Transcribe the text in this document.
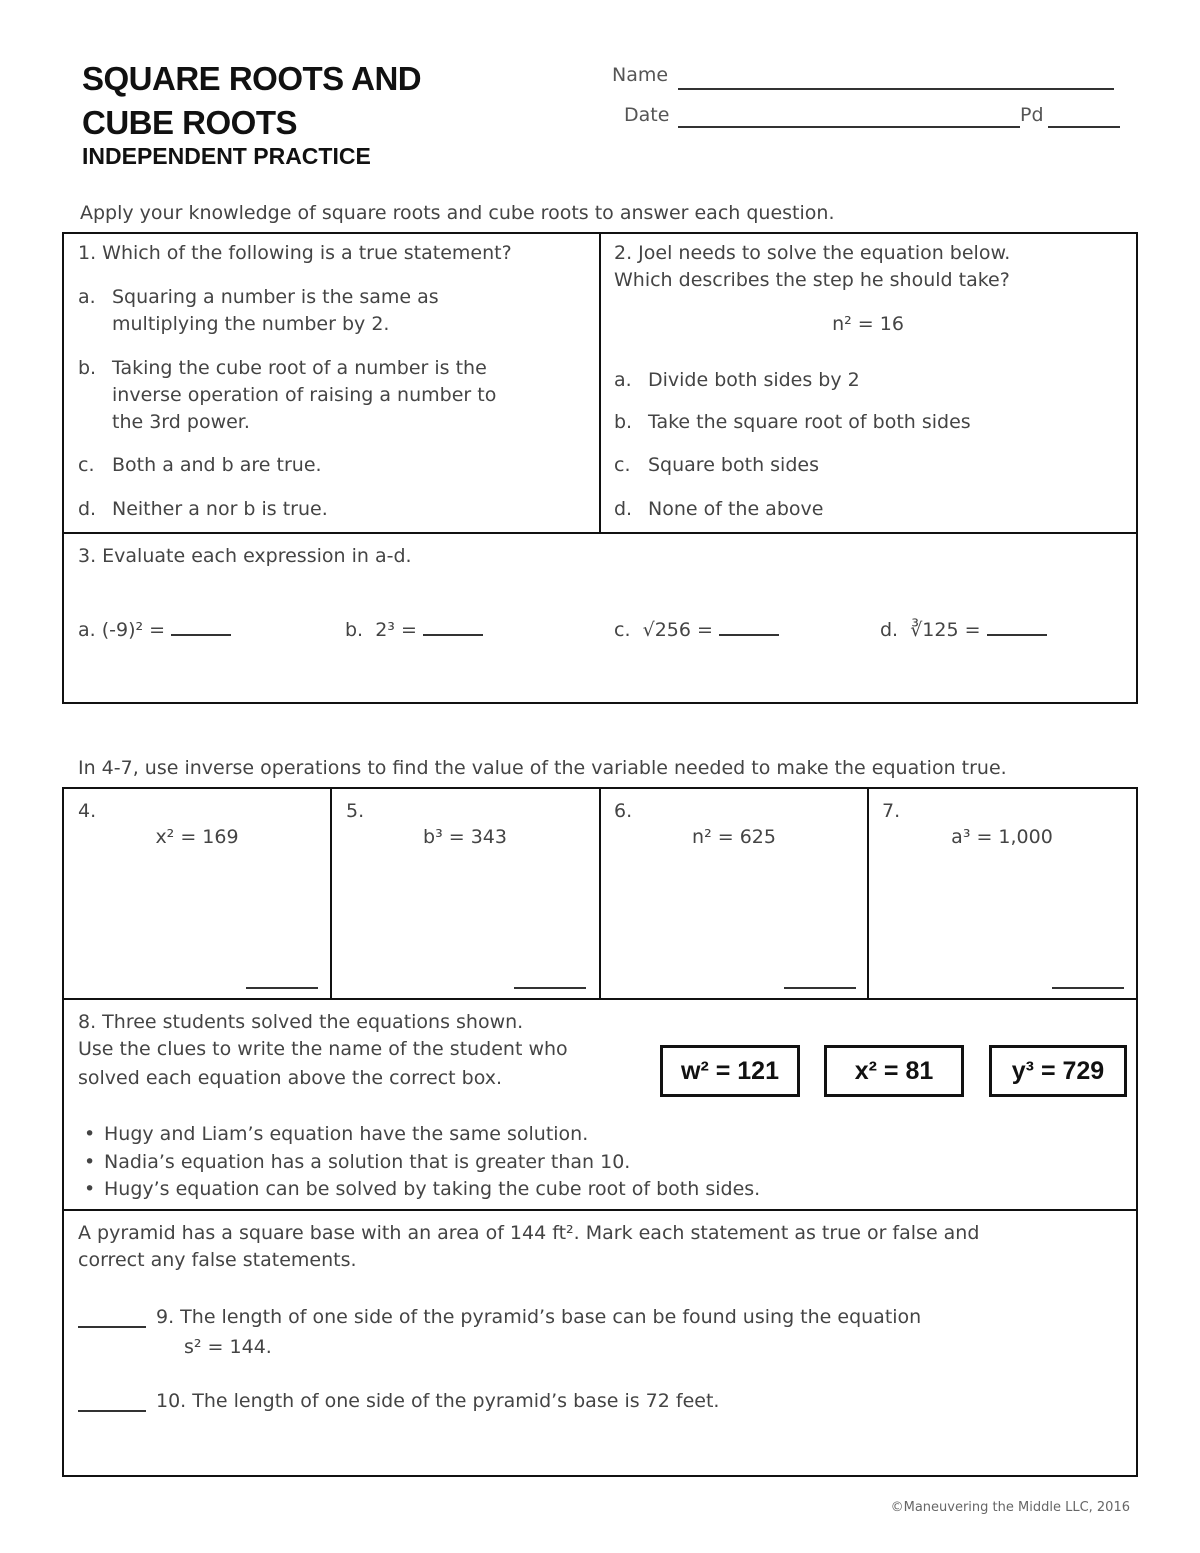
SQUARE ROOTS AND
CUBE ROOTS
INDEPENDENT PRACTICE
Name
Date	Pd
Apply your knowledge of square roots and cube roots to answer each question.
1. Which of the following is a true statement?
a. Squaring a number is the same as
multiplying the number by 2.
b. Taking the cube root of a number is the
inverse operation of raising a number to
the 3rd power.
c. Both a and b are true.
d. Neither a nor b is true.
2. Joel needs to solve the equation below.
Which describes the step he should take?
n² = 16
a. Divide both sides by 2
b. Take the square root of both sides
c. Square both sides
d. None of the above
3. Evaluate each expression in a-d.
a. (-9)² =	b. 2³ =	c. √256 =	d. ∛125 =
In 4-7, use inverse operations to find the value of the variable needed to make the equation true.
4.
x² = 169
5.
b³ = 343
6.
n² = 625
7.
a³ = 1,000
8. Three students solved the equations shown.
Use the clues to write the name of the student who
solved each equation above the correct box.	w² = 121	x² = 81	y³ = 729
• Hugy and Liam’s equation have the same solution.
• Nadia’s equation has a solution that is greater than 10.
• Hugy’s equation can be solved by taking the cube root of both sides.
A pyramid has a square base with an area of 144 ft². Mark each statement as true or false and
correct any false statements.
9. The length of one side of the pyramid’s base can be found using the equation
s² = 144.
10. The length of one side of the pyramid’s base is 72 feet.
©Maneuvering the Middle LLC, 2016
